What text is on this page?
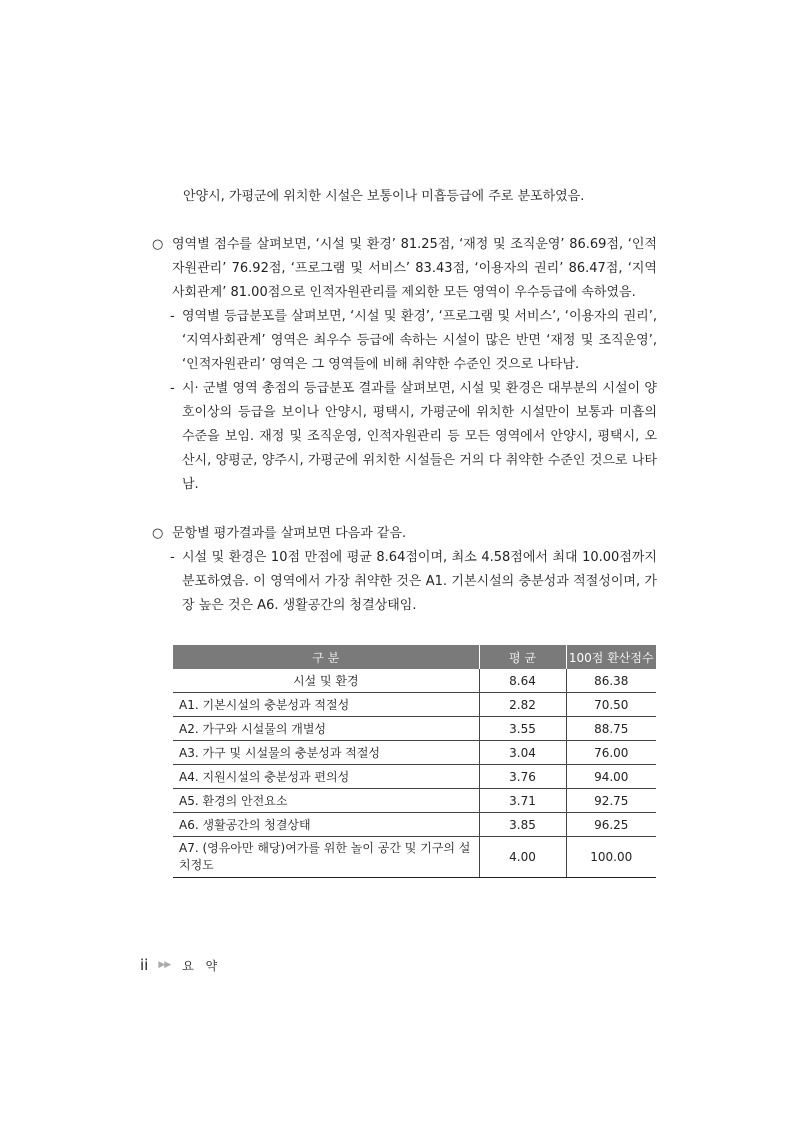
안양시, 가평군에 위치한 시설은 보통이나 미흡등급에 주로 분포하였음.
○ 영역별 점수를 살펴보면, ‘시설 및 환경’ 81.25점, ‘재정 및 조직운영’ 86.69점, ‘인적자원관리’ 76.92점, ‘프로그램 및 서비스’ 83.43점, ‘이용자의 권리’ 86.47점, ‘지역사회관계’ 81.00점으로 인적자원관리를 제외한 모든 영역이 우수등급에 속하였음.
- 영역별 등급분포를 살펴보면, ‘시설 및 환경’, ‘프로그램 및 서비스’, ‘이용자의 권리’, ‘지역사회관계’ 영역은 최우수 등급에 속하는 시설이 많은 반면 ‘재정 및 조직운영’, ‘인적자원관리’ 영역은 그 영역들에 비해 취약한 수준인 것으로 나타남.
- 시· 군별 영역 총점의 등급분포 결과를 살펴보면, 시설 및 환경은 대부분의 시설이 양호이상의 등급을 보이나 안양시, 평택시, 가평군에 위치한 시설만이 보통과 미흡의 수준을 보임. 재정 및 조직운영, 인적자원관리 등 모든 영역에서 안양시, 평택시, 오산시, 양평군, 양주시, 가평군에 위치한 시설들은 거의 다 취약한 수준인 것으로 나타남.
○ 문항별 평가결과를 살펴보면 다음과 같음.
- 시설 및 환경은 10점 만점에 평균 8.64점이며, 최소 4.58점에서 최대 10.00점까지 분포하였음. 이 영역에서 가장 취약한 것은 A1. 기본시설의 충분성과 적절성이며, 가장 높은 것은 A6. 생활공간의 청결상태임.
구 분	평 균	100점 환산점수
시설 및 환경	8.64	86.38
A1. 기본시설의 충분성과 적절성	2.82	70.50
A2. 가구와 시설물의 개별성	3.55	88.75
A3. 가구 및 시설물의 충분성과 적절성	3.04	76.00
A4. 지원시설의 충분성과 편의성	3.76	94.00
A5. 환경의 안전요소	3.71	92.75
A6. 생활공간의 청결상태	3.85	96.25

A7. (영유아만 해당)여가를 위한 놀이 공간 및 기구의 설치정도	4.00	100.00
ii ▶▶ 요 약
